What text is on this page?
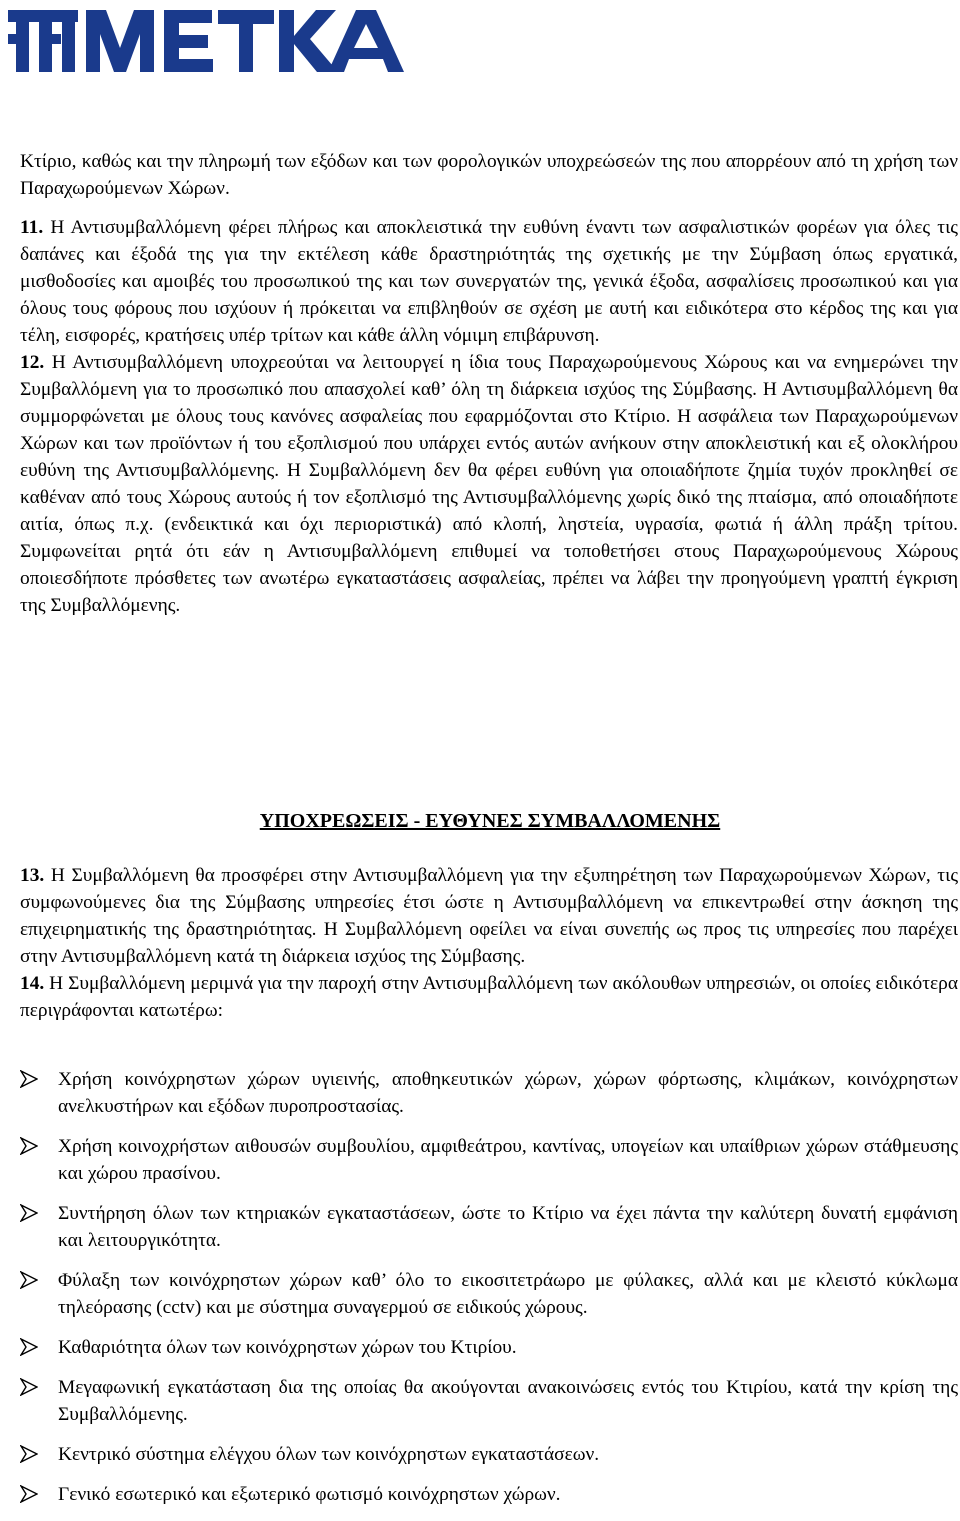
Κτίριο, καθώς και την πληρωμή των εξόδων και των φορολογικών υποχρεώσεών της που απορρέουν από τη χρήση των Παραχωρούμενων Χώρων.

11. Η Αντισυμβαλλόμενη φέρει πλήρως και αποκλειστικά την ευθύνη έναντι των ασφαλιστικών φορέων για όλες τις δαπάνες και έξοδά της για την εκτέλεση κάθε δραστηριότητάς της σχετικής με την Σύμβαση όπως εργατικά, μισθοδοσίες και αμοιβές του προσωπικού της και των συνεργατών της, γενικά έξοδα, ασφαλίσεις προσωπικού και για όλους τους φόρους που ισχύουν ή πρόκειται να επιβληθούν σε σχέση με αυτή και ειδικότερα στο κέρδος της και για τέλη, εισφορές, κρατήσεις υπέρ τρίτων και κάθε άλλη νόμιμη επιβάρυνση.

12. Η Αντισυμβαλλόμενη υποχρεούται να λειτουργεί η ίδια τους Παραχωρούμενους Χώρους και να ενημερώνει την Συμβαλλόμενη για το προσωπικό που απασχολεί καθ’ όλη τη διάρκεια ισχύος της Σύμβασης. Η Αντισυμβαλλόμενη θα συμμορφώνεται με όλους τους κανόνες ασφαλείας που εφαρμόζονται στο Κτίριο. Η ασφάλεια των Παραχωρούμενων Χώρων και των προϊόντων ή του εξοπλισμού που υπάρχει εντός αυτών ανήκουν στην αποκλειστική και εξ ολοκλήρου ευθύνη της Αντισυμβαλλόμενης. Η Συμβαλλόμενη δεν θα φέρει ευθύνη για οποιαδήποτε ζημία τυχόν προκληθεί σε καθέναν από τους Χώρους αυτούς ή τον εξοπλισμό της Αντισυμβαλλόμενης χωρίς δικό της πταίσμα, από οποιαδήποτε αιτία, όπως π.χ. (ενδεικτικά και όχι περιοριστικά) από κλοπή, ληστεία, υγρασία, φωτιά ή άλλη πράξη τρίτου. Συμφωνείται ρητά ότι εάν η Αντισυμβαλλόμενη επιθυμεί να τοποθετήσει στους Παραχωρούμενους Χώρους οποιεσδήποτε πρόσθετες των ανωτέρω εγκαταστάσεις ασφαλείας, πρέπει να λάβει την προηγούμενη γραπτή έγκριση της Συμβαλλόμενης.

ΥΠΟΧΡΕΩΣΕΙΣ - ΕΥΘΥΝΕΣ ΣΥΜΒΑΛΛΟΜΕΝΗΣ

13. Η Συμβαλλόμενη θα προσφέρει στην Αντισυμβαλλόμενη για την εξυπηρέτηση των Παραχωρούμενων Χώρων, τις συμφωνούμενες δια της Σύμβασης υπηρεσίες έτσι ώστε η Αντισυμβαλλόμενη να επικεντρωθεί στην άσκηση της επιχειρηματικής της δραστηριότητας. Η Συμβαλλόμενη οφείλει να είναι συνεπής ως προς τις υπηρεσίες που παρέχει στην Αντισυμβαλλόμενη κατά τη διάρκεια ισχύος της Σύμβασης.

14. Η Συμβαλλόμενη μεριμνά για την παροχή στην Αντισυμβαλλόμενη των ακόλουθων υπηρεσιών, οι οποίες ειδικότερα περιγράφονται κατωτέρω:

Χρήση κοινόχρηστων χώρων υγιεινής, αποθηκευτικών χώρων, χώρων φόρτωσης, κλιμάκων, κοινόχρηστων ανελκυστήρων και εξόδων πυροπροστασίας.
Χρήση κοινοχρήστων αιθουσών συμβουλίου, αμφιθεάτρου, καντίνας, υπογείων και υπαίθριων χώρων στάθμευσης και χώρου πρασίνου.
Συντήρηση όλων των κτηριακών εγκαταστάσεων, ώστε το Κτίριο να έχει πάντα την καλύτερη δυνατή εμφάνιση και λειτουργικότητα.
Φύλαξη των κοινόχρηστων χώρων καθ’ όλο το εικοσιτετράωρο με φύλακες, αλλά και με κλειστό κύκλωμα τηλεόρασης (cctv) και με σύστημα συναγερμού σε ειδικούς χώρους.
Καθαριότητα όλων των κοινόχρηστων χώρων του Κτιρίου.
Μεγαφωνική εγκατάσταση δια της οποίας θα ακούγονται ανακοινώσεις εντός του Κτιρίου, κατά την κρίση της Συμβαλλόμενης.
Κεντρικό σύστημα ελέγχου όλων των κοινόχρηστων εγκαταστάσεων.
Γενικό εσωτερικό και εξωτερικό φωτισμό κοινόχρηστων χώρων.
